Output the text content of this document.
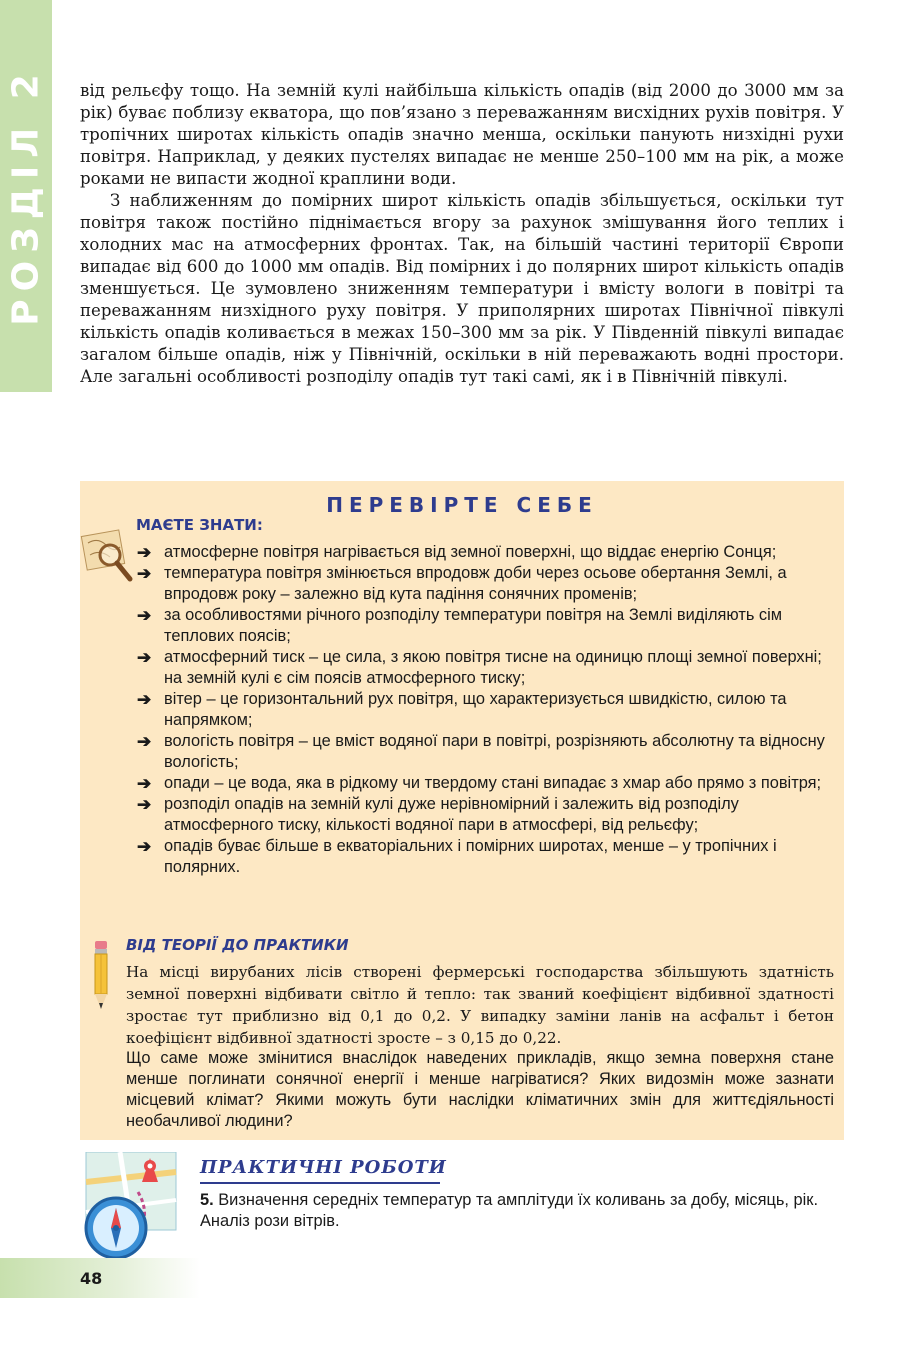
РОЗДІЛ 2 від рельєфу тощо. На земній кулі найбільша кількість опадів (від 2000 до 3000 мм за рік) буває поблизу екватора, що пов’язано з переважанням висхідних рухів повітря. У тропічних широтах кількість опадів значно менша, оскільки панують низхідні рухи повітря. Наприклад, у деяких пустелях випадає не менше 250–100 мм на рік, а може роками не випасти жодної краплини води.

З наближенням до помірних широт кількість опадів збільшується, оскільки тут повітря також постійно піднімається вгору за рахунок змішування його теплих і холодних мас на атмосферних фронтах. Так, на більшій частині території Європи випадає від 600 до 1000 мм опадів. Від помірних і до полярних широт кількість опадів зменшується. Це зумовлено зниженням температури і вмісту вологи в повітрі та переважанням низхідного руху повітря. У приполярних широтах Північної півкулі кількість опадів коливається в межах 150–300 мм за рік. У Південній півкулі випадає загалом більше опадів, ніж у Північній, оскільки в ній переважають водні простори. Але загальні особливості розподілу опадів тут такі самі, як і в Північній півкулі.

ПЕРЕВІРТЕ СЕБЕ
МАЄТЕ ЗНАТИ:
➔ атмосферне повітря нагрівається від земної поверхні, що віддає енергію Сонця;
➔ температура повітря змінюється впродовж доби через осьове обертання Землі, а впродовж року – залежно від кута падіння сонячних променів;
➔ за особливостями річного розподілу температури повітря на Землі виділяють сім теплових поясів;
➔ атмосферний тиск – це сила, з якою повітря тисне на одиницю площі земної поверхні; на земній кулі є сім поясів атмосферного тиску;
➔ вітер – це горизонтальний рух повітря, що характеризується швидкістю, силою та напрямком;
➔ вологість повітря – це вміст водяної пари в повітрі, розрізняють абсолютну та відносну вологість;
➔ опади – це вода, яка в рідкому чи твердому стані випадає з хмар або прямо з повітря;
➔ розподіл опадів на земній кулі дуже нерівномірний і залежить від розподілу атмосферного тиску, кількості водяної пари в атмосфері, від рельєфу;
➔ опадів буває більше в екваторіальних і помірних широтах, менше – у тропічних і полярних.
ВІД ТЕОРІЇ ДО ПРАКТИКИ

На місці вирубаних лісів створені фермерські господарства збільшують здатність земної поверхні відбивати світло й тепло: так званий коефіцієнт відбивної здатності зростає тут приблизно від 0,1 до 0,2. У випадку заміни ланів на асфальт і бетон коефіцієнт відбивної здатності зросте – з 0,15 до 0,22.

Що саме може змінитися внаслідок наведених прикладів, якщо земна поверхня стане менше поглинати сонячної енергії і менше нагріватися? Яких видозмін може зазнати місцевий клімат? Якими можуть бути наслідки кліматичних змін для життєдіяльності необачливої людини?

ПРАКТИЧНІ РОБОТИ

5. Визначення середніх температур та амплітуди їх коливань за добу, місяць, рік. Аналіз рози вітрів.

48
